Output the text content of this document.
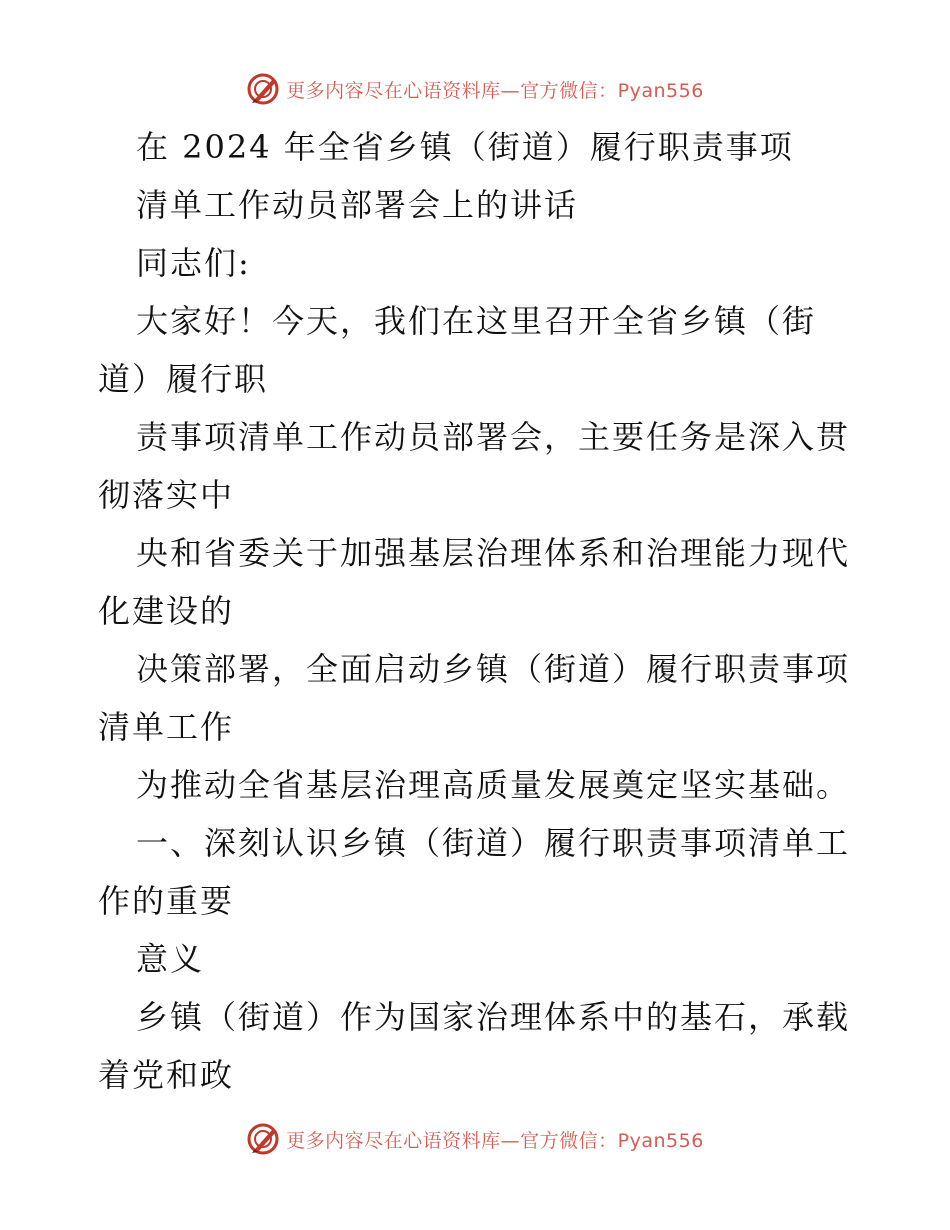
更多内容尽在心语资料库—官方微信：Pyan556
在 2024 年全省乡镇（街道）履行职责事项
清单工作动员部署会上的讲话
同志们:
大家好！今天，我们在这里召开全省乡镇（街
道）履行职
责事项清单工作动员部署会，主要任务是深入贯
彻落实中
央和省委关于加强基层治理体系和治理能力现代
化建设的
决策部署，全面启动乡镇（街道）履行职责事项
清单工作
为推动全省基层治理高质量发展奠定坚实基础。
一、深刻认识乡镇（街道）履行职责事项清单工
作的重要
意义
乡镇（街道）作为国家治理体系中的基石，承载
着党和政
更多内容尽在心语资料库—官方微信：Pyan556
